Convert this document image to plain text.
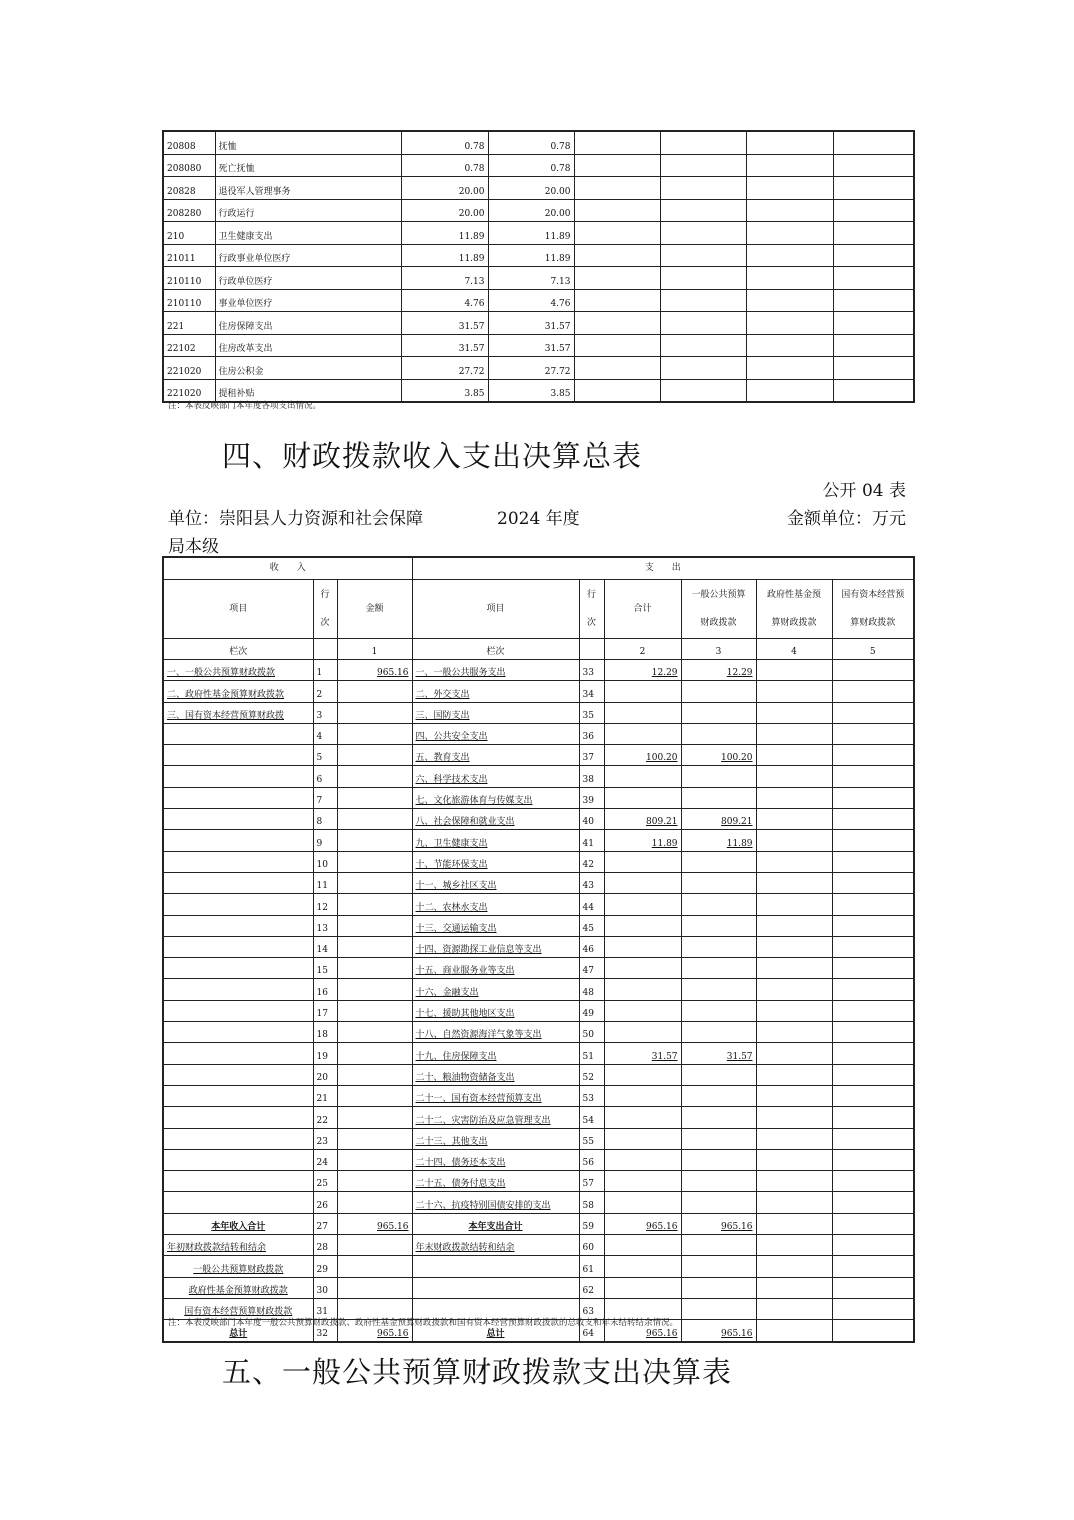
20808	抚恤	0.78	0.78				
208080	死亡抚恤	0.78	0.78				
20828	退役军人管理事务	20.00	20.00				
208280	行政运行	20.00	20.00				
210	卫生健康支出	11.89	11.89				
21011	行政事业单位医疗	11.89	11.89				
210110	行政单位医疗	7.13	7.13				
210110	事业单位医疗	4.76	4.76				
221	住房保障支出	31.57	31.57				
22102	住房改革支出	31.57	31.57				
221020	住房公积金	27.72	27.72				
221020	提租补贴	3.85	3.85				
注：本表反映部门本年度各项支出情况。
四、财政拨款收入支出决算总表
公开 04 表
单位：崇阳县人力资源和社会保障	2024 年度	金额单位：万元
局本级
收　　入			支　　出					
项目	行次	金额	项目	行次	合计	一般公共预算财政拨款	政府性基金预算财政拨款	国有资本经营预算财政拨款
栏次		1	栏次		2	3	4	5
一、一般公共预算财政拨款	1	965.16	一、一般公共服务支出	33	12.29	12.29		
二、政府性基金预算财政拨款	2		二、外交支出	34				
三、国有资本经营预算财政拨	3		三、国防支出	35				
	4		四、公共安全支出	36				
	5		五、教育支出	37	100.20	100.20		
	6		六、科学技术支出	38				
	7		七、文化旅游体育与传媒支出	39				
	8		八、社会保障和就业支出	40	809.21	809.21		
	9		九、卫生健康支出	41	11.89	11.89		
	10		十、节能环保支出	42				
	11		十一、城乡社区支出	43				
	12		十二、农林水支出	44				
	13		十三、交通运输支出	45				
	14		十四、资源勘探工业信息等支出	46				
	15		十五、商业服务业等支出	47				
	16		十六、金融支出	48				
	17		十七、援助其他地区支出	49				
	18		十八、自然资源海洋气象等支出	50				
	19		十九、住房保障支出	51	31.57	31.57		
	20		二十、粮油物资储备支出	52				
	21		二十一、国有资本经营预算支出	53				
	22		二十二、灾害防治及应急管理支出	54				
	23		二十三、其他支出	55				
	24		二十四、债务还本支出	56				
	25		二十五、债务付息支出	57				
	26		二十六、抗疫特别国债安排的支出	58				
本年收入合计	27	965.16	本年支出合计	59	965.16	965.16		
年初财政拨款结转和结余	28		年末财政拨款结转和结余	60				
一般公共预算财政拨款	29			61				
政府性基金预算财政拨款	30			62				
国有资本经营预算财政拨款	31			63				
总计	32	965.16	总计	64	965.16	965.16		
注：本表反映部门本年度一般公共预算财政拨款、政府性基金预算财政拨款和国有资本经营预算财政拨款的总收支和年末结转结余情况。
五、一般公共预算财政拨款支出决算表
